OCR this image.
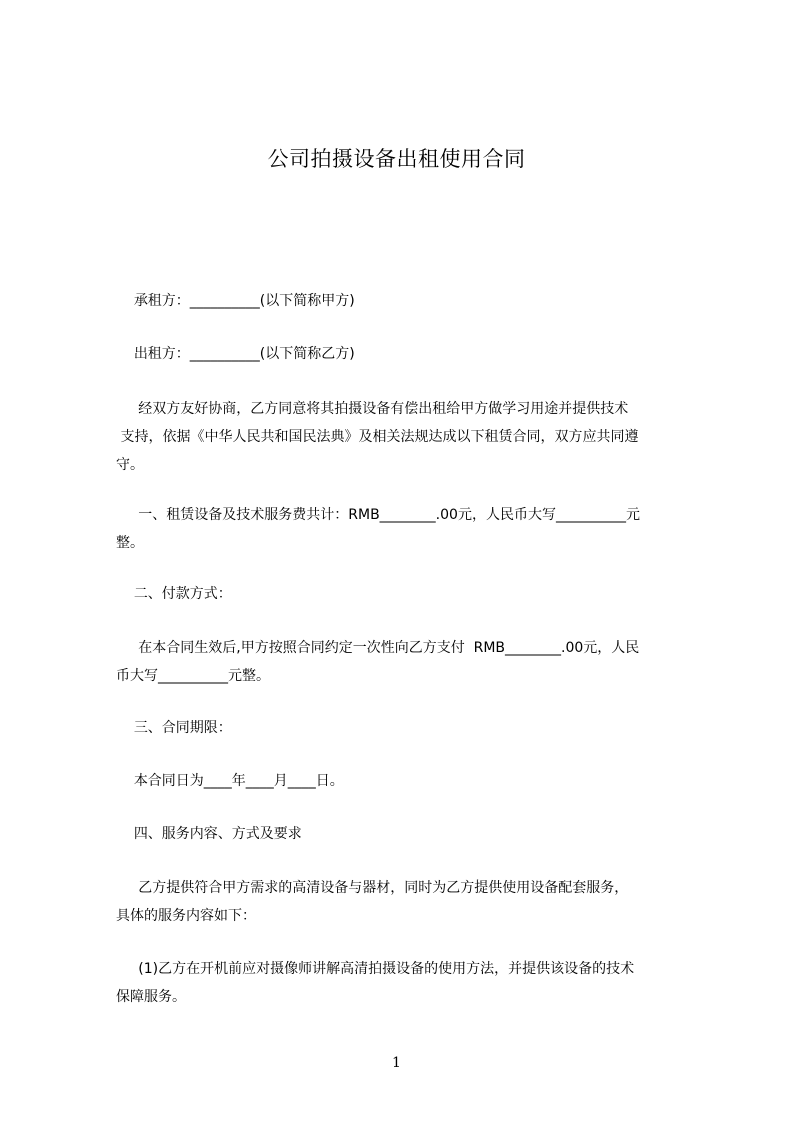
公司拍摄设备出租使用合同
承租方：__________(以下简称甲方)
出租方：__________(以下简称乙方)
经双方友好协商，乙方同意将其拍摄设备有偿出租给甲方做学习用途并提供技术
支持，依据《中华人民共和国民法典》及相关法规达成以下租赁合同，双方应共同遵
守。
一、租赁设备及技术服务费共计：RMB________.00元，人民币大写__________元
整。
二、付款方式：
在本合同生效后,甲方按照合同约定一次性向乙方支付  RMB________.00元，人民
币大写__________元整。
三、合同期限：
本合同日为____年____月____日。
四、服务内容、方式及要求
乙方提供符合甲方需求的高清设备与器材，同时为乙方提供使用设备配套服务，
具体的服务内容如下：
(1)乙方在开机前应对摄像师讲解高清拍摄设备的使用方法，并提供该设备的技术
保障服务。
1
